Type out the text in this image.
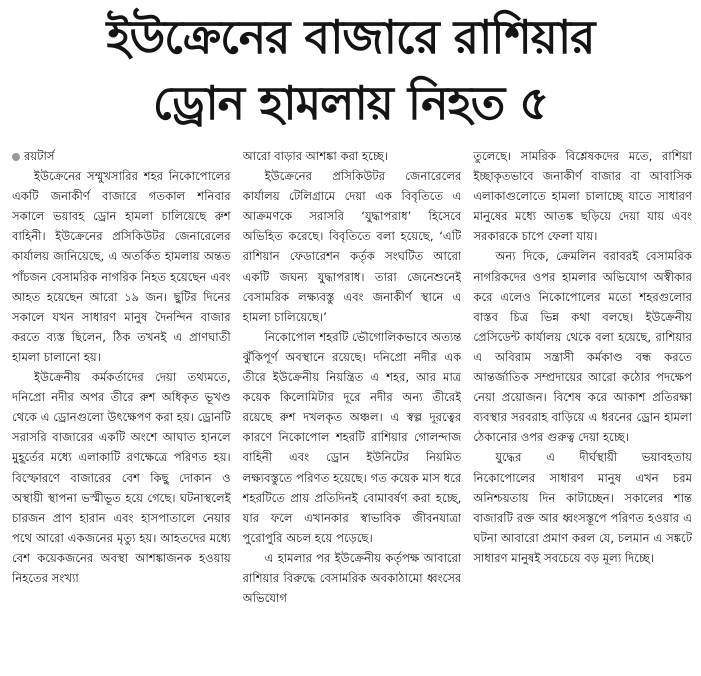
ইউক্রেনের বাজারে রাশিয়ার
ড্রোন হামলায় নিহত ৫

রয়টার্স

ইউক্রেনের সম্মুখসারির শহর নিকোপোলের একটি জনাকীর্ণ বাজারে গতকাল শনিবার সকালে ভয়াবহ ড্রোন হামলা চালিয়েছে রুশ বাহিনী। ইউক্রেনের প্রসিকিউটর জেনারেলের কার্যালয় জানিয়েছে, এ অতর্কিত হামলায় অন্তত পাঁচজন বেসামরিক নাগরিক নিহত হয়েছেন এবং আহত হয়েছেন আরো ১৯ জন। ছুটির দিনের সকালে যখন সাধারণ মানুষ দৈনন্দিন বাজার করতে ব্যস্ত ছিলেন, ঠিক তখনই এ প্রাণঘাতী হামলা চালানো হয়।

ইউক্রেনীয় কর্মকর্তাদের দেয়া তথ্যমতে, দনিপ্রো নদীর অপর তীরে রুশ অধিকৃত ভূখণ্ড থেকে এ ড্রোনগুলো উৎক্ষেপণ করা হয়। ড্রোনটি সরাসরি বাজারের একটি অংশে আঘাত হানলে মুহূর্তের মধ্যে এলাকাটি রণক্ষেত্রে পরিণত হয়। বিস্ফোরণে বাজারের বেশ কিছু দোকান ও অস্থায়ী স্থাপনা ভস্মীভূত হয়ে গেছে। ঘটনাস্থলেই চারজন প্রাণ হারান এবং হাসপাতালে নেয়ার পথে আরো একজনের মৃত্যু হয়। আহতদের মধ্যে বেশ কয়েকজনের অবস্থা আশঙ্কাজনক হওয়ায় নিহতের সংখ্যা

আরো বাড়ার আশঙ্কা করা হচ্ছে।

ইউক্রেনের প্রসিকিউটর জেনারেলের কার্যালয় টেলিগ্রামে দেয়া এক বিবৃতিতে এ আক্রমণকে সরাসরি ‘যুদ্ধাপরাধ’ হিসেবে অভিহিত করেছে। বিবৃতিতে বলা হয়েছে, ‘এটি রাশিয়ান ফেডারেশন কর্তৃক সংঘটিত আরো একটি জঘন্য যুদ্ধাপরাধ। তারা জেনেশুনেই বেসামরিক লক্ষ্যবস্তু এবং জনাকীর্ণ স্থানে এ হামলা চালিয়েছে।’

নিকোপোল শহরটি ভৌগোলিকভাবে অত্যন্ত ঝুঁকিপূর্ণ অবস্থানে রয়েছে। দনিপ্রো নদীর এক তীরে ইউক্রেনীয় নিয়ন্ত্রিত এ শহর, আর মাত্র কয়েক কিলোমিটার দূরে নদীর অন্য তীরেই রয়েছে রুশ দখলকৃত অঞ্চল। এ স্বল্প দূরত্বের কারণে নিকোপোল শহরটি রাশিয়ার গোলন্দাজ বাহিনী এবং ড্রোন ইউনিটের নিয়মিত লক্ষ্যবস্তুতে পরিণত হয়েছে। গত কয়েক মাস ধরে শহরটিতে প্রায় প্রতিদিনই বোমাবর্ষণ করা হচ্ছে, যার ফলে এখানকার স্বাভাবিক জীবনযাত্রা পুরোপুরি অচল হয়ে পড়েছে।

এ হামলার পর ইউক্রেনীয় কর্তৃপক্ষ আবারো রাশিয়ার বিরুদ্ধে বেসামরিক অবকাঠামো ধ্বংসের অভিযোগ

তুলেছে। সামরিক বিশ্লেষকদের মতে, রাশিয়া ইচ্ছাকৃতভাবে জনাকীর্ণ বাজার বা আবাসিক এলাকাগুলোতে হামলা চালাচ্ছে যাতে সাধারণ মানুষের মধ্যে আতঙ্ক ছড়িয়ে দেয়া যায় এবং সরকারকে চাপে ফেলা যায়।

অন্য দিকে, ক্রেমলিন বরাবরই বেসামরিক নাগরিকদের ওপর হামলার অভিযোগ অস্বীকার করে এলেও নিকোপোলের মতো শহরগুলোর বাস্তব চিত্র ভিন্ন কথা বলছে। ইউক্রেনীয় প্রেসিডেন্ট কার্যালয় থেকে বলা হয়েছে, রাশিয়ার এ অবিরাম সন্ত্রাসী কর্মকাণ্ড বন্ধ করতে আন্তর্জাতিক সম্প্রদায়ের আরো কঠোর পদক্ষেপ নেয়া প্রয়োজন। বিশেষ করে আকাশ প্রতিরক্ষা ব্যবস্থার সরবরাহ বাড়িয়ে এ ধরনের ড্রোন হামলা ঠেকানোর ওপর গুরুত্ব দেয়া হচ্ছে।

যুদ্ধের এ দীর্ঘস্থায়ী ভয়াবহতায় নিকোপোলের সাধারণ মানুষ এখন চরম অনিশ্চয়তায় দিন কাটাচ্ছেন। সকালের শান্ত বাজারটি রক্ত আর ধ্বংসস্তূপে পরিণত হওয়ার এ ঘটনা আবারো প্রমাণ করল যে, চলমান এ সঙ্কটে সাধারণ মানুষই সবচেয়ে বড় মূল্য দিচ্ছে।
